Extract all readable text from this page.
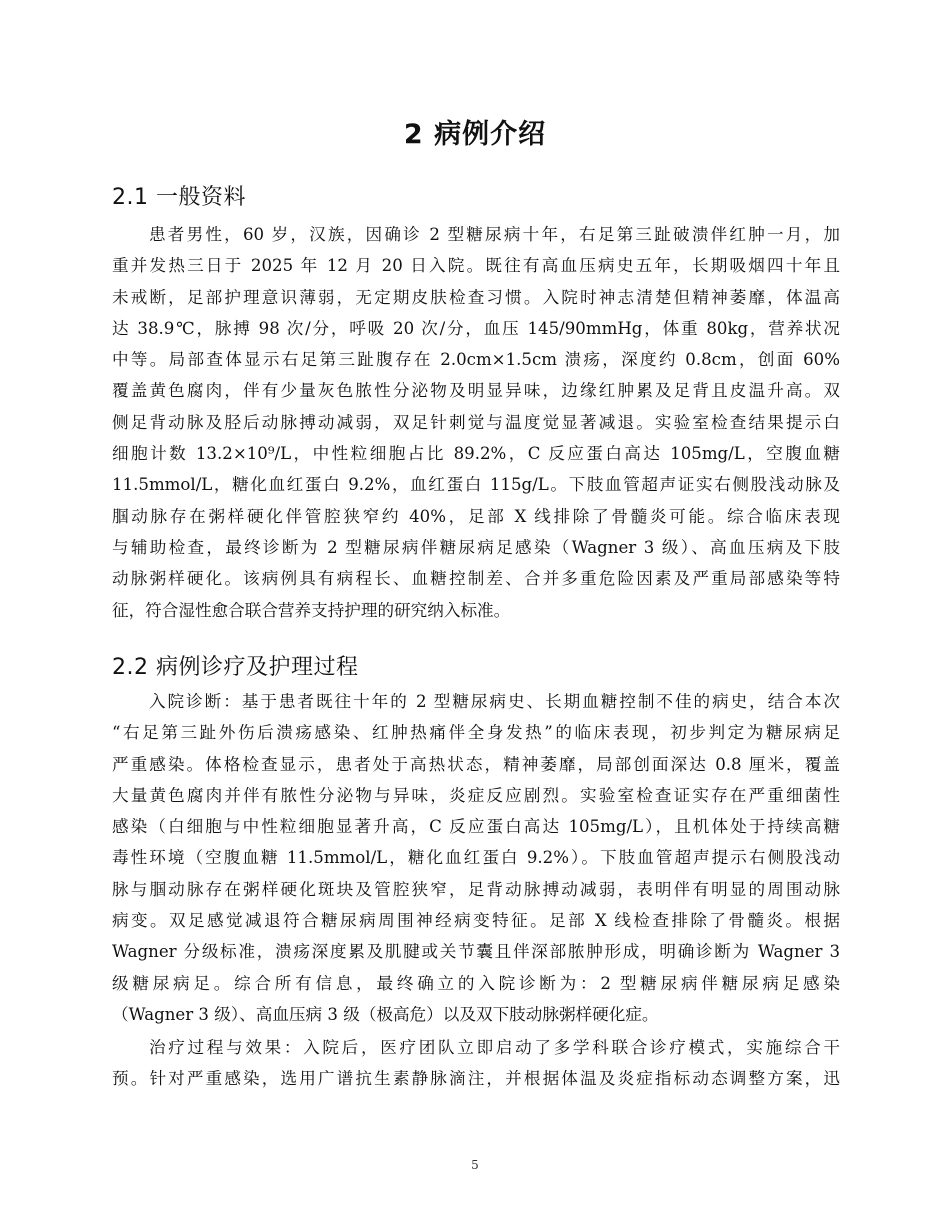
2 病例介绍
2.1 一般资料
患者男性，60 岁，汉族，因确诊 2 型糖尿病十年，右足第三趾破溃伴红肿一月，加
重并发热三日于 2025 年 12 月 20 日入院。既往有高血压病史五年，长期吸烟四十年且
未戒断，足部护理意识薄弱，无定期皮肤检查习惯。入院时神志清楚但精神萎靡，体温高
达 38.9℃，脉搏 98 次/分，呼吸 20 次/分，血压 145/90mmHg，体重 80kg，营养状况
中等。局部查体显示右足第三趾腹存在 2.0cm×1.5cm 溃疡，深度约 0.8cm，创面 60%
覆盖黄色腐肉，伴有少量灰色脓性分泌物及明显异味，边缘红肿累及足背且皮温升高。双
侧足背动脉及胫后动脉搏动减弱，双足针刺觉与温度觉显著减退。实验室检查结果提示白
细胞计数 13.2×10⁹/L，中性粒细胞占比 89.2%，C 反应蛋白高达 105mg/L，空腹血糖
11.5mmol/L，糖化血红蛋白 9.2%，血红蛋白 115g/L。下肢血管超声证实右侧股浅动脉及
腘动脉存在粥样硬化伴管腔狭窄约 40%，足部 X 线排除了骨髓炎可能。综合临床表现
与辅助检查，最终诊断为 2 型糖尿病伴糖尿病足感染（Wagner 3 级）、高血压病及下肢
动脉粥样硬化。该病例具有病程长、血糖控制差、合并多重危险因素及严重局部感染等特
征，符合湿性愈合联合营养支持护理的研究纳入标准。
2.2 病例诊疗及护理过程
入院诊断：基于患者既往十年的 2 型糖尿病史、长期血糖控制不佳的病史，结合本次
“右足第三趾外伤后溃疡感染、红肿热痛伴全身发热”的临床表现，初步判定为糖尿病足
严重感染。体格检查显示，患者处于高热状态，精神萎靡，局部创面深达 0.8 厘米，覆盖
大量黄色腐肉并伴有脓性分泌物与异味，炎症反应剧烈。实验室检查证实存在严重细菌性
感染（白细胞与中性粒细胞显著升高，C 反应蛋白高达 105mg/L），且机体处于持续高糖
毒性环境（空腹血糖 11.5mmol/L，糖化血红蛋白 9.2%）。下肢血管超声提示右侧股浅动
脉与腘动脉存在粥样硬化斑块及管腔狭窄，足背动脉搏动减弱，表明伴有明显的周围动脉
病变。双足感觉减退符合糖尿病周围神经病变特征。足部 X 线检查排除了骨髓炎。根据
Wagner 分级标准，溃疡深度累及肌腱或关节囊且伴深部脓肿形成，明确诊断为 Wagner 3
级糖尿病足。综合所有信息，最终确立的入院诊断为：2 型糖尿病伴糖尿病足感染
（Wagner 3 级）、高血压病 3 级（极高危）以及双下肢动脉粥样硬化症。
治疗过程与效果：入院后，医疗团队立即启动了多学科联合诊疗模式，实施综合干
预。针对严重感染，选用广谱抗生素静脉滴注，并根据体温及炎症指标动态调整方案，迅
5
